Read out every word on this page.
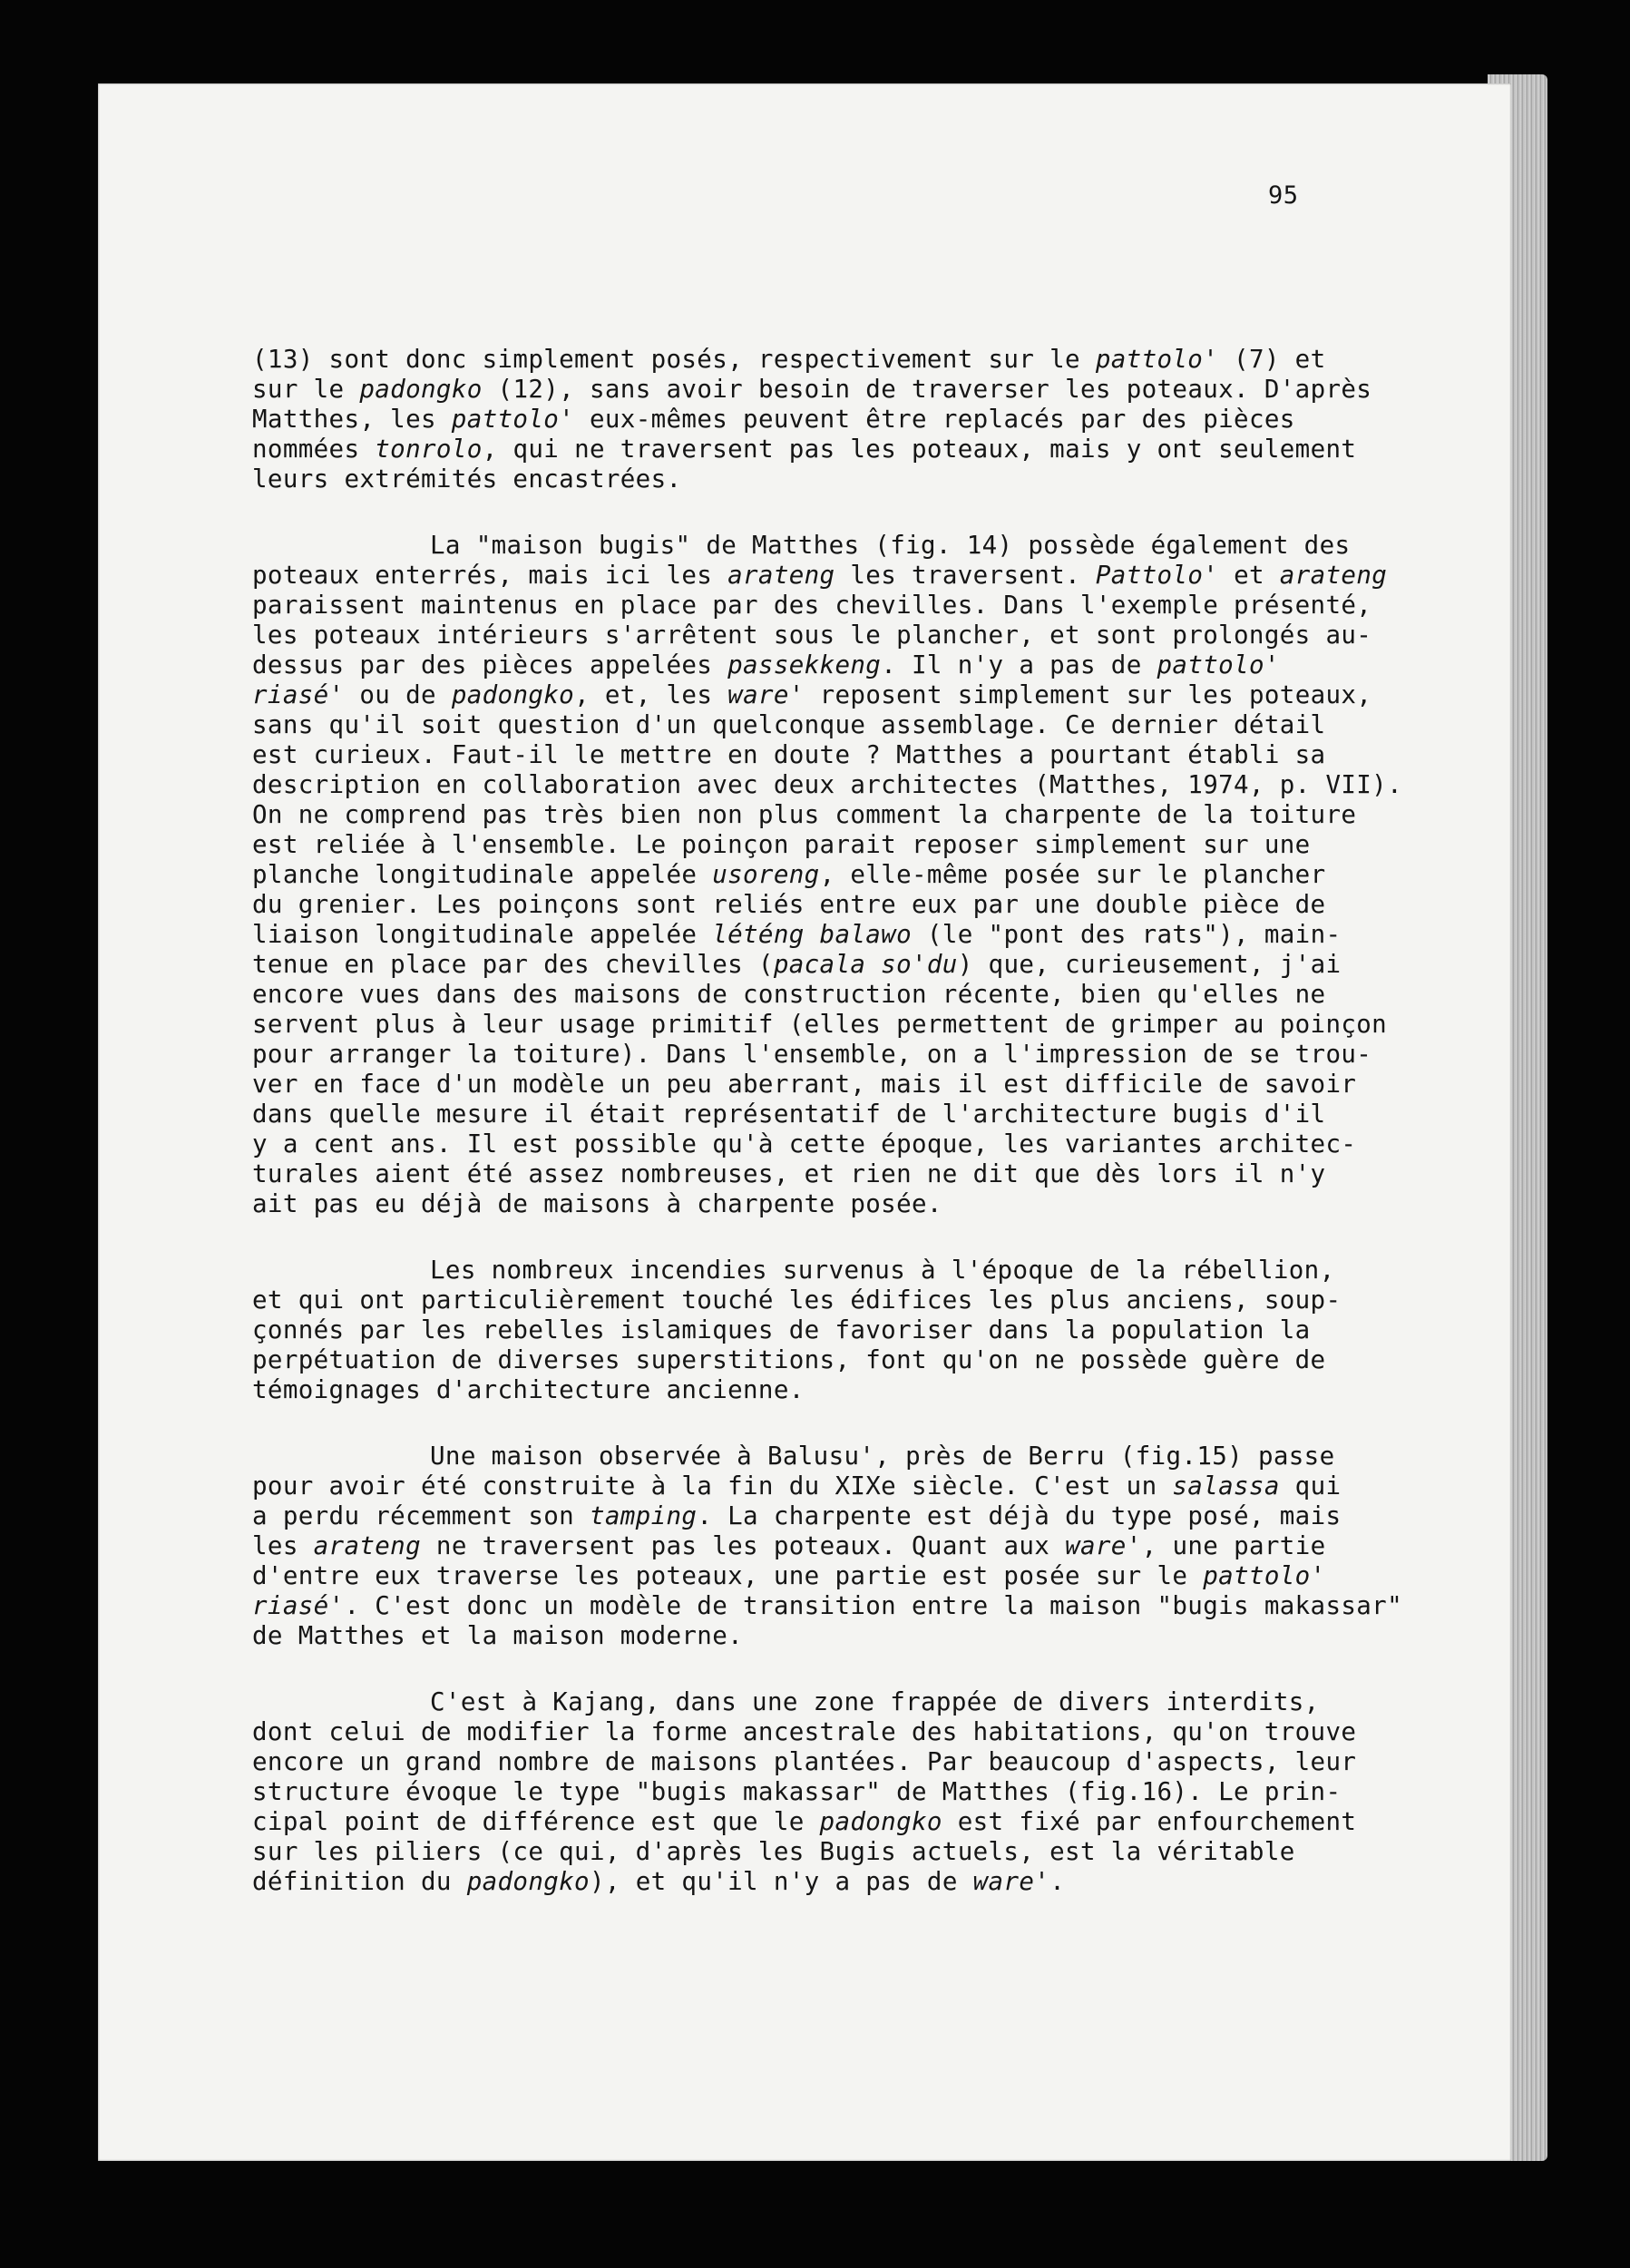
95
(13) sont donc simplement posés, respectivement sur le pattolo' (7) et
sur le padongko (12), sans avoir besoin de traverser les poteaux. D'après
Matthes, les pattolo' eux-mêmes peuvent être replacés par des pièces
nommées tonrolo, qui ne traversent pas les poteaux, mais y ont seulement
leurs extrémités encastrées.
La "maison bugis" de Matthes (fig. 14) possède également des
poteaux enterrés, mais ici les arateng les traversent. Pattolo' et arateng
paraissent maintenus en place par des chevilles. Dans l'exemple présenté,
les poteaux intérieurs s'arrêtent sous le plancher, et sont prolongés au-
dessus par des pièces appelées passekkeng. Il n'y a pas de pattolo'
riasé' ou de padongko, et, les ware' reposent simplement sur les poteaux,
sans qu'il soit question d'un quelconque assemblage. Ce dernier détail
est curieux. Faut-il le mettre en doute ? Matthes a pourtant établi sa
description en collaboration avec deux architectes (Matthes, 1974, p. VII).
On ne comprend pas très bien non plus comment la charpente de la toiture
est reliée à l'ensemble. Le poinçon parait reposer simplement sur une
planche longitudinale appelée usoreng, elle-même posée sur le plancher
du grenier. Les poinçons sont reliés entre eux par une double pièce de
liaison longitudinale appelée léténg balawo (le "pont des rats"), main-
tenue en place par des chevilles (pacala so'du) que, curieusement, j'ai
encore vues dans des maisons de construction récente, bien qu'elles ne
servent plus à leur usage primitif (elles permettent de grimper au poinçon
pour arranger la toiture). Dans l'ensemble, on a l'impression de se trou-
ver en face d'un modèle un peu aberrant, mais il est difficile de savoir
dans quelle mesure il était représentatif de l'architecture bugis d'il
y a cent ans. Il est possible qu'à cette époque, les variantes architec-
turales aient été assez nombreuses, et rien ne dit que dès lors il n'y
ait pas eu déjà de maisons à charpente posée.
Les nombreux incendies survenus à l'époque de la rébellion,
et qui ont particulièrement touché les édifices les plus anciens, soup-
çonnés par les rebelles islamiques de favoriser dans la population la
perpétuation de diverses superstitions, font qu'on ne possède guère de
témoignages d'architecture ancienne.
Une maison observée à Balusu', près de Berru (fig.15) passe
pour avoir été construite à la fin du XIXe siècle. C'est un salassa qui
a perdu récemment son tamping. La charpente est déjà du type posé, mais
les arateng ne traversent pas les poteaux. Quant aux ware', une partie
d'entre eux traverse les poteaux, une partie est posée sur le pattolo'
riasé'. C'est donc un modèle de transition entre la maison "bugis makassar"
de Matthes et la maison moderne.
C'est à Kajang, dans une zone frappée de divers interdits,
dont celui de modifier la forme ancestrale des habitations, qu'on trouve
encore un grand nombre de maisons plantées. Par beaucoup d'aspects, leur
structure évoque le type "bugis makassar" de Matthes (fig.16). Le prin-
cipal point de différence est que le padongko est fixé par enfourchement
sur les piliers (ce qui, d'après les Bugis actuels, est la véritable
définition du padongko), et qu'il n'y a pas de ware'.
